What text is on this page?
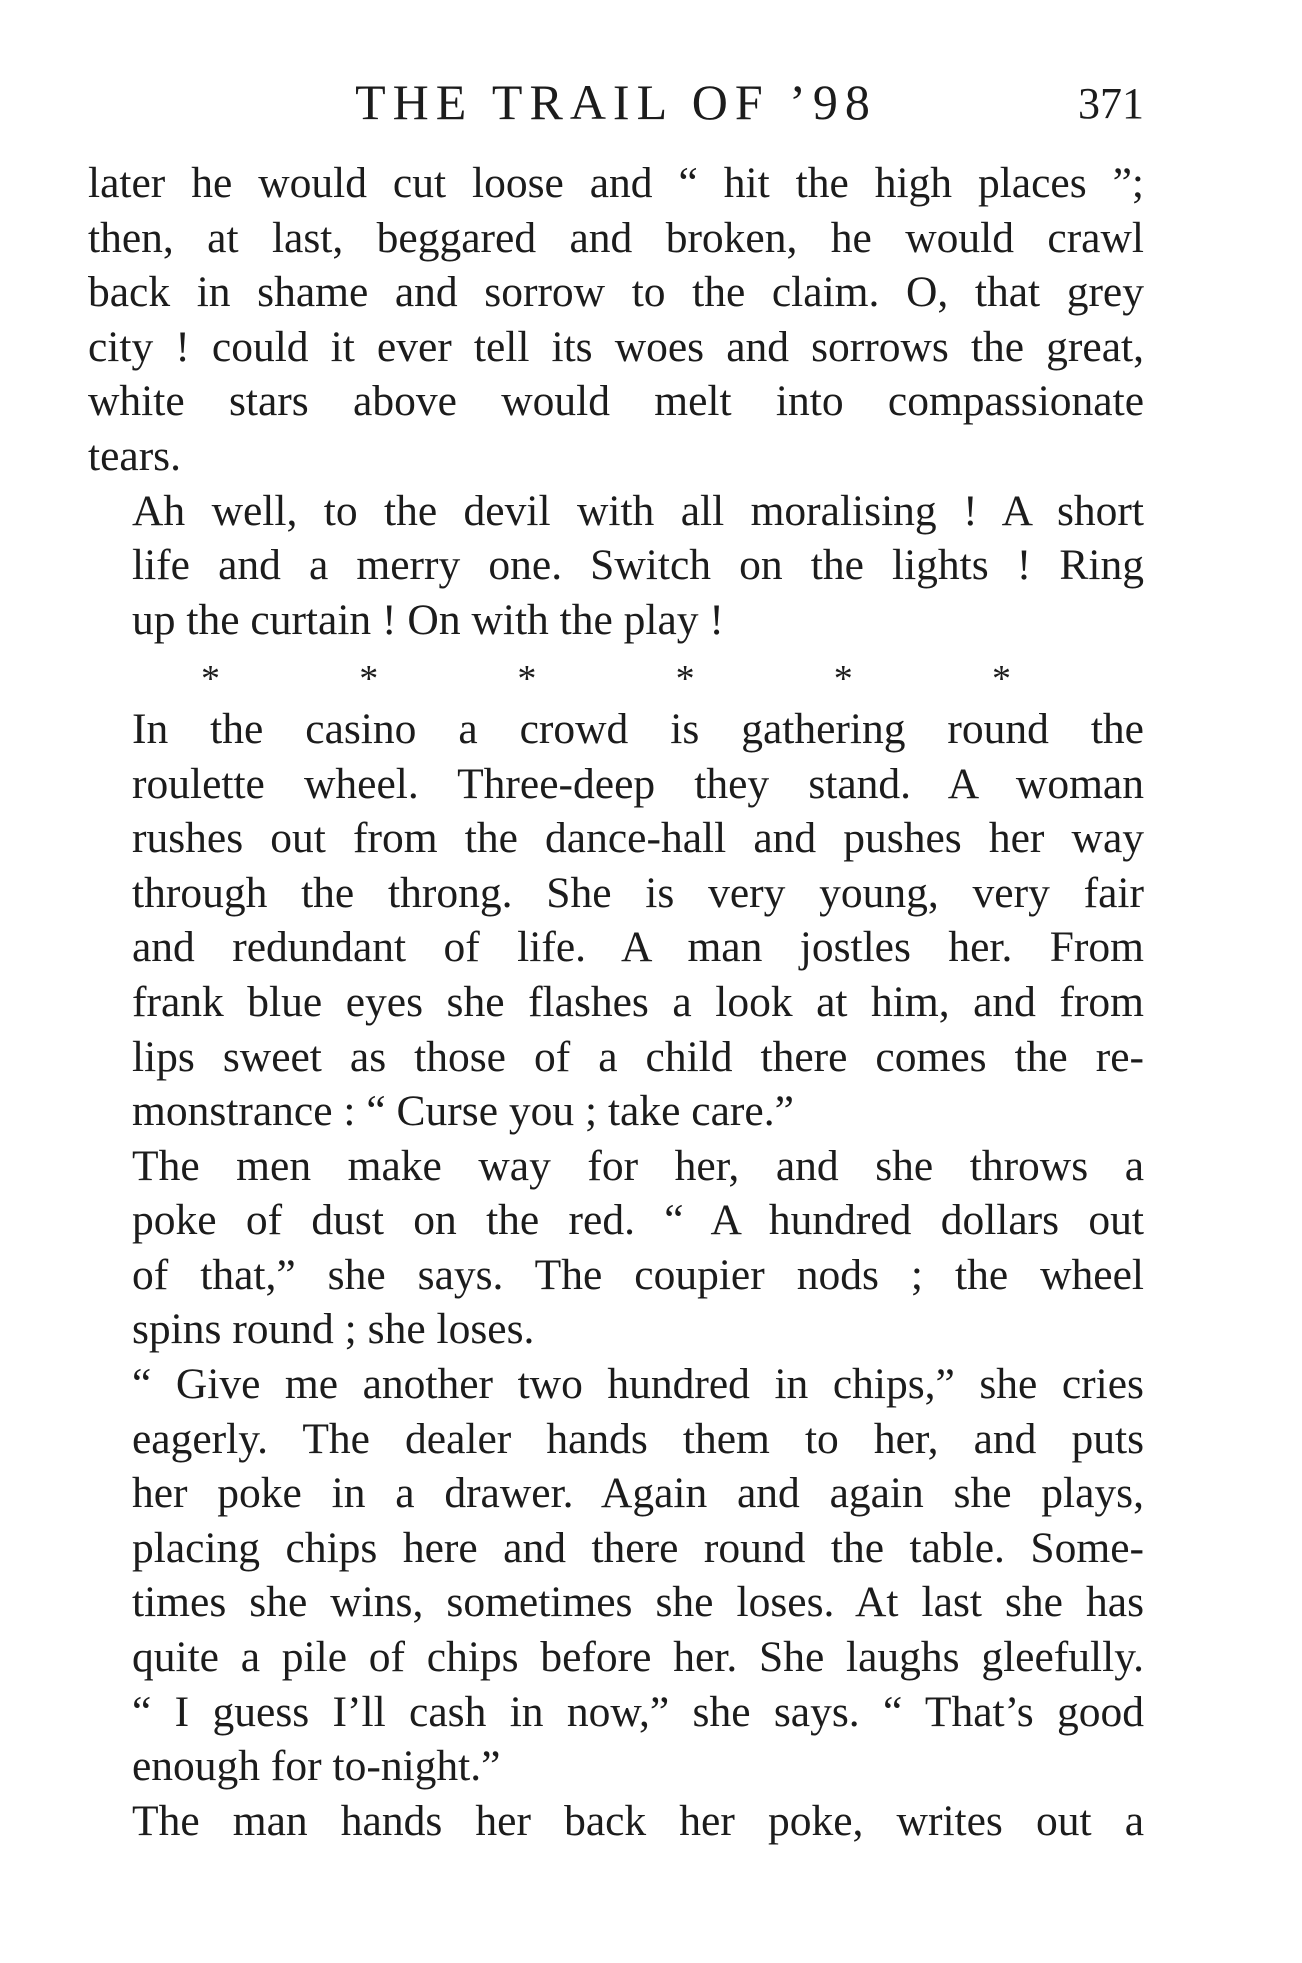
THE TRAIL OF ’98	371
later he would cut loose and “ hit the high places ”;
then, at last, beggared and broken, he would crawl
back in shame and sorrow to the claim. O, that grey
city ! could it ever tell its woes and sorrows the great,
white stars above would melt into compassionate
tears.
Ah well, to the devil with all moralising ! A short
life and a merry one. Switch on the lights ! Ring
up the curtain ! On with the play !
*	*	*	*	*	*
In the casino a crowd is gathering round the
roulette wheel. Three-deep they stand. A woman
rushes out from the dance-hall and pushes her way
through the throng. She is very young, very fair
and redundant of life. A man jostles her. From
frank blue eyes she flashes a look at him, and from
lips sweet as those of a child there comes the re-
monstrance : “ Curse you ; take care.”
The men make way for her, and she throws a
poke of dust on the red. “ A hundred dollars out
of that,” she says. The coupier nods ; the wheel
spins round ; she loses.
“ Give me another two hundred in chips,” she cries
eagerly. The dealer hands them to her, and puts
her poke in a drawer. Again and again she plays,
placing chips here and there round the table. Some-
times she wins, sometimes she loses. At last she has
quite a pile of chips before her. She laughs gleefully.
“ I guess I’ll cash in now,” she says. “ That’s good
enough for to-night.”
The man hands her back her poke, writes out a
